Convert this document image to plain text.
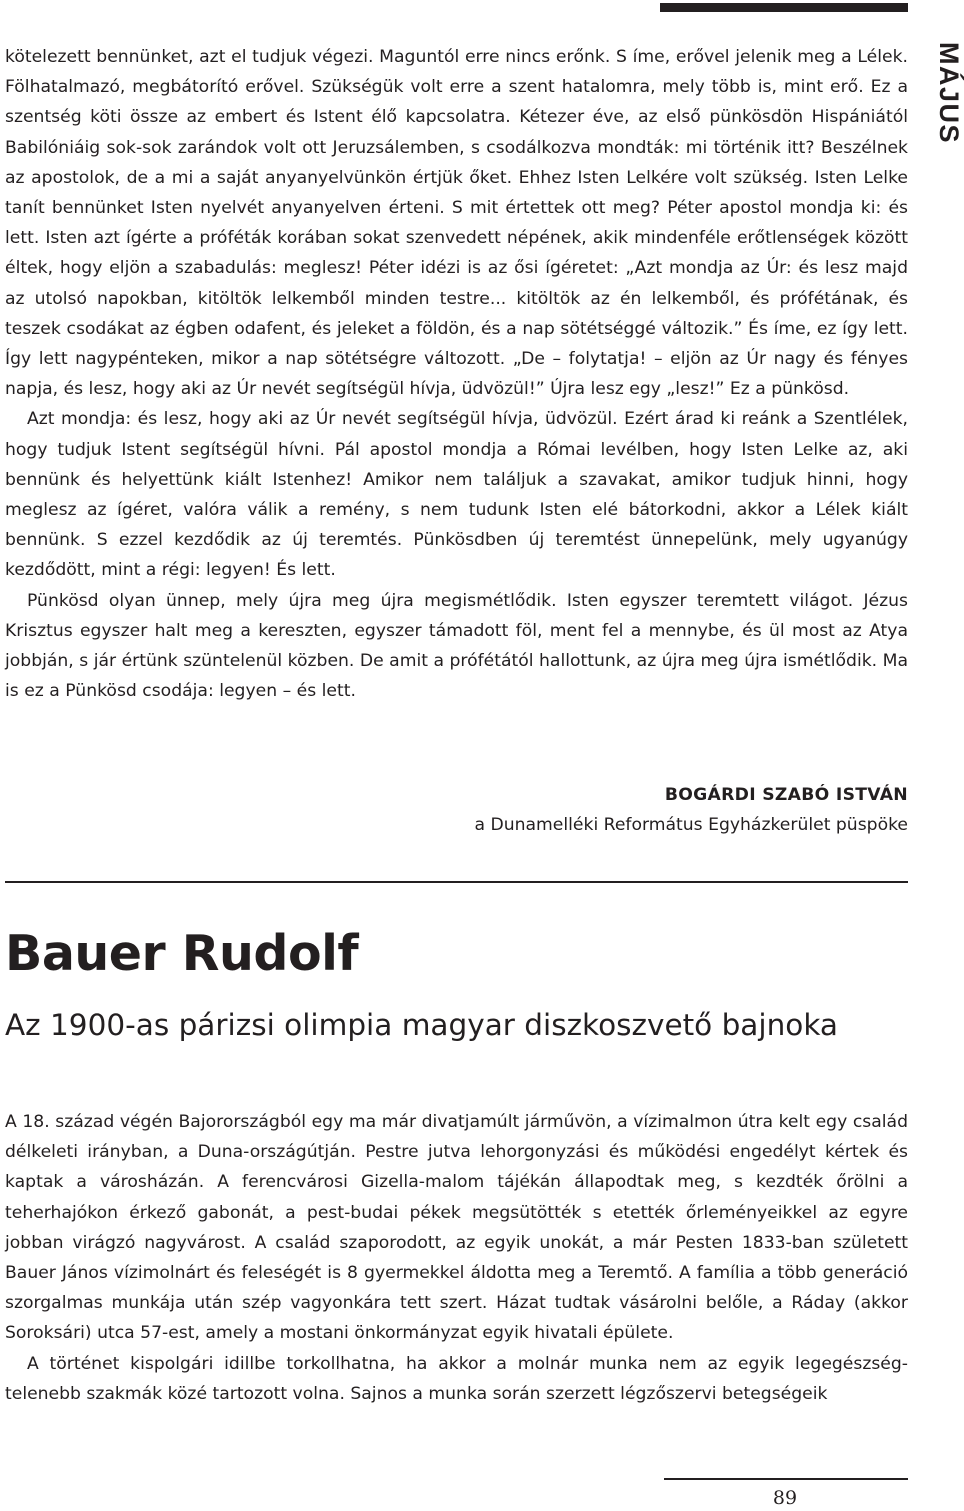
MÁJUS

kötelezett bennünket, azt el tudjuk végezi. Maguntól erre nincs erőnk. S íme, erővel jelenik meg a Lélek. Fölhatalmazó, megbátorító erővel. Szükségük volt erre a szent hatalomra, mely több is, mint erő. Ez a szentség köti össze az embert és Istent élő kapcsolatra. Kétezer éve, az első pünkösdön Hispániától Babilóniáig sok-sok zarándok volt ott Jeruzsálemben, s csodálkozva mondták: mi történik itt? Beszélnek az apostolok, de a mi a saját anyanyelvünkön értjük őket. Ehhez Isten Lelkére volt szükség. Isten Lelke tanít bennünket Isten nyelvét anyanyelven érteni. S mit értettek ott meg? Péter apostol mondja ki: és lett. Isten azt ígérte a próféták korában sokat szenvedett népének, akik mindenféle erőtlenségek között éltek, hogy eljön a szabadulás: meglesz! Péter idézi is az ősi ígéretet: „Azt mondja az Úr: és lesz majd az utolsó napokban, kitöltök lelkemből minden testre... kitöltök az én lelkemből, és prófétának, és teszek csodákat az égben odafent, és jeleket a földön, és a nap sötétséggé változik.” És íme, ez így lett. Így lett nagypénteken, mikor a nap sötétségre változott. „De – folytatja! – eljön az Úr nagy és fényes napja, és lesz, hogy aki az Úr nevét segítségül hívja, üdvözül!” Újra lesz egy „lesz!” Ez a pünkösd.

Azt mondja: és lesz, hogy aki az Úr nevét segítségül hívja, üdvözül. Ezért árad ki reánk a Szentlélek, hogy tudjuk Istent segítségül hívni. Pál apostol mondja a Római levélben, hogy Isten Lelke az, aki bennünk és helyettünk kiált Istenhez! Amikor nem találjuk a szavakat, amikor tudjuk hinni, hogy meglesz az ígéret, valóra válik a remény, s nem tudunk Isten elé bátorkodni, akkor a Lélek kiált bennünk. S ezzel kezdődik az új teremtés. Pünkösdben új teremtést ünnepelünk, mely ugyanúgy kezdődött, mint a régi: legyen! És lett.

Pünkösd olyan ünnep, mely újra meg újra megismétlődik. Isten egyszer teremtett világot. Jézus Krisztus egyszer halt meg a kereszten, egyszer támadott föl, ment fel a mennybe, és ül most az Atya jobbján, s jár értünk szüntelenül közben. De amit a prófétától hallottunk, az újra meg újra ismétlődik. Ma is ez a Pünkösd csodája: legyen – és lett.

BOGÁRDI SZABÓ ISTVÁN
a Dunamelléki Református Egyházkerület püspöke
Bauer Rudolf
Az 1900-as párizsi olimpia magyar diszkoszvető bajnoka

A 18. század végén Bajorországból egy ma már divatjamúlt járművön, a vízimalmon útra kelt egy család délkeleti irányban, a Duna-országútján. Pestre jutva lehorgonyzási és működési engedélyt kértek és kaptak a városházán. A ferencvárosi Gizella-malom tájékán állapodtak meg, s kezdték őrölni a teherhajókon érkező gabonát, a pest-budai pékek megsütötték s etették őrleményeikkel az egyre jobban virágzó nagyvárost. A család szaporodott, az egyik unokát, a már Pesten 1833-ban született Bauer János vízimolnárt és feleségét is 8 gyermekkel áldotta meg a Teremtő. A família a több generáció szorgalmas munkája után szép vagyonkára tett szert. Házat tudtak vásárolni belőle, a Ráday (akkor Soroksári) utca 57-est, amely a mostani önkormányzat egyik hivatali épülete.

A történet kispolgári idillbe torkollhatna, ha akkor a molnár munka nem az egyik legegészségtelenebb szakmák közé tartozott volna. Sajnos a munka során szerzett légzőszervi betegségeik

89
